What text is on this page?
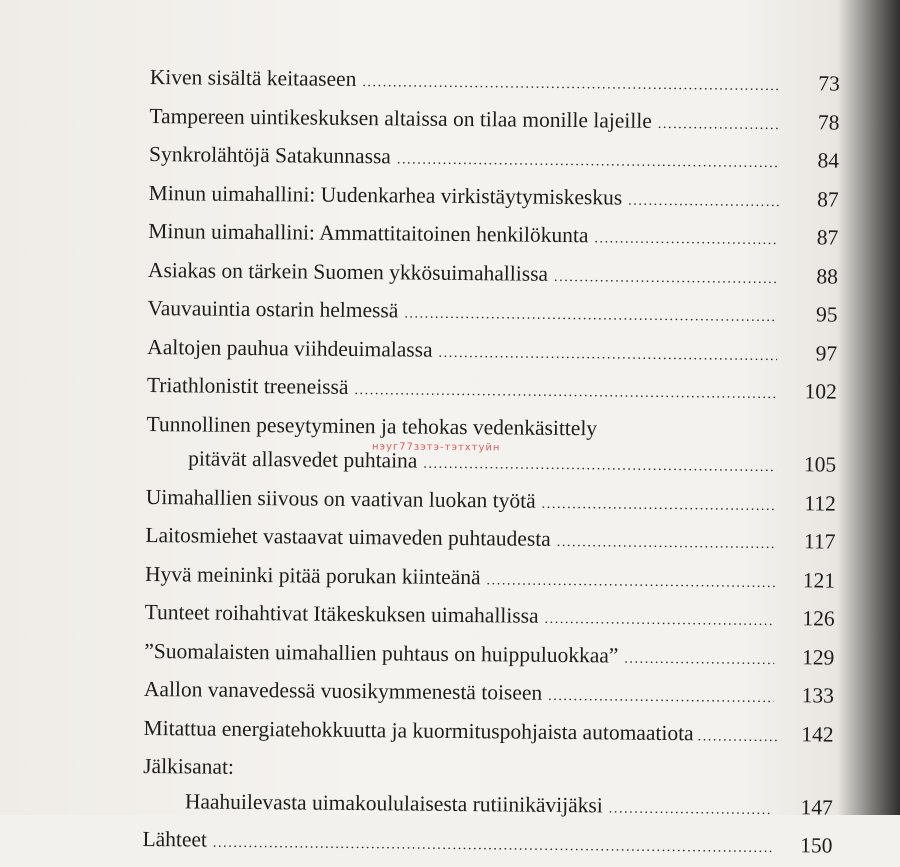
Kiven sisältä keitaaseen .....	73
Tampereen uintikeskuksen altaissa on tilaa monille lajeille .....	78
Synkrolähtöjä Satakunnassa .....	84
Minun uimahallini: Uudenkarhea virkistäytymiskeskus .....	87
Minun uimahallini: Ammattitaitoinen henkilökunta .....	87
Asiakas on tärkein Suomen ykkösuimahallissa .....	88
Vauvauintia ostarin helmessä .....	95
Aaltojen pauhua viihdeuimalassa .....	97
Triathlonistit treeneissä .....	102
Tunnollinen peseytyminen ja tehokas vedenkäsittely
pitävät allasvedet puhtaina .....	105
Uimahallien siivous on vaativan luokan työtä .....	112
Laitosmiehet vastaavat uimaveden puhtaudesta .....	117
Hyvä meininki pitää porukan kiinteänä .....	121
Tunteet roihahtivat Itäkeskuksen uimahallissa .....	126
”Suomalaisten uimahallien puhtaus on huippuluokkaa” .....	129
Aallon vanavedessä vuosikymmenestä toiseen .....	133
Mitattua energiatehokkuutta ja kuormituspohjaista automaatiota .....	142
Jälkisanat:
Haahuilevasta uimakoululaisesta rutiinikävijäksi .....	147
Lähteet .....	150
нэуг77зэтэ-тэтхтуйн
